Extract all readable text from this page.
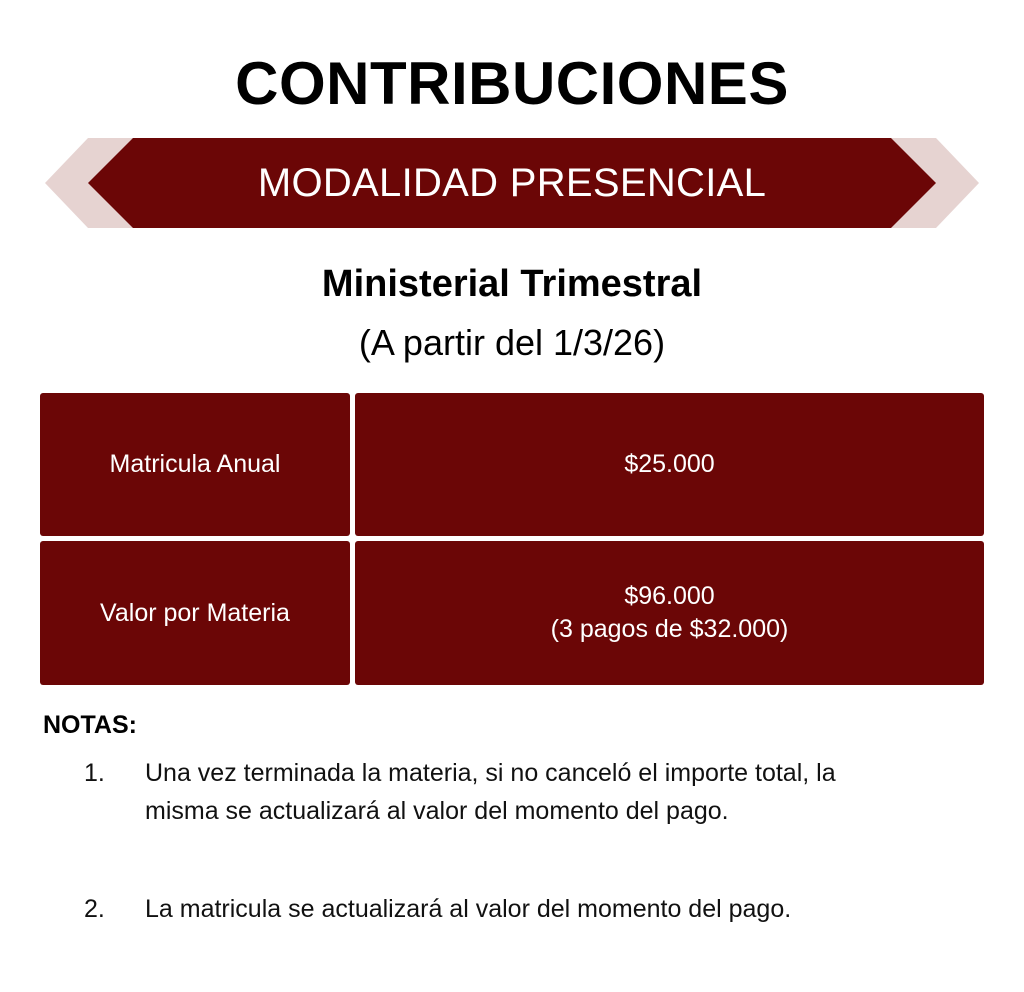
CONTRIBUCIONES
MODALIDAD PRESENCIAL
Ministerial Trimestral
(A partir del 1/3/26)
Matricula Anual	$25.000
Valor por Materia
$96.000
(3 pagos de $32.000)
NOTAS:
1. Una vez terminada la materia, si no canceló el importe total, la misma se actualizará al valor del momento del pago.
2. La matricula se actualizará al valor del momento del pago.
